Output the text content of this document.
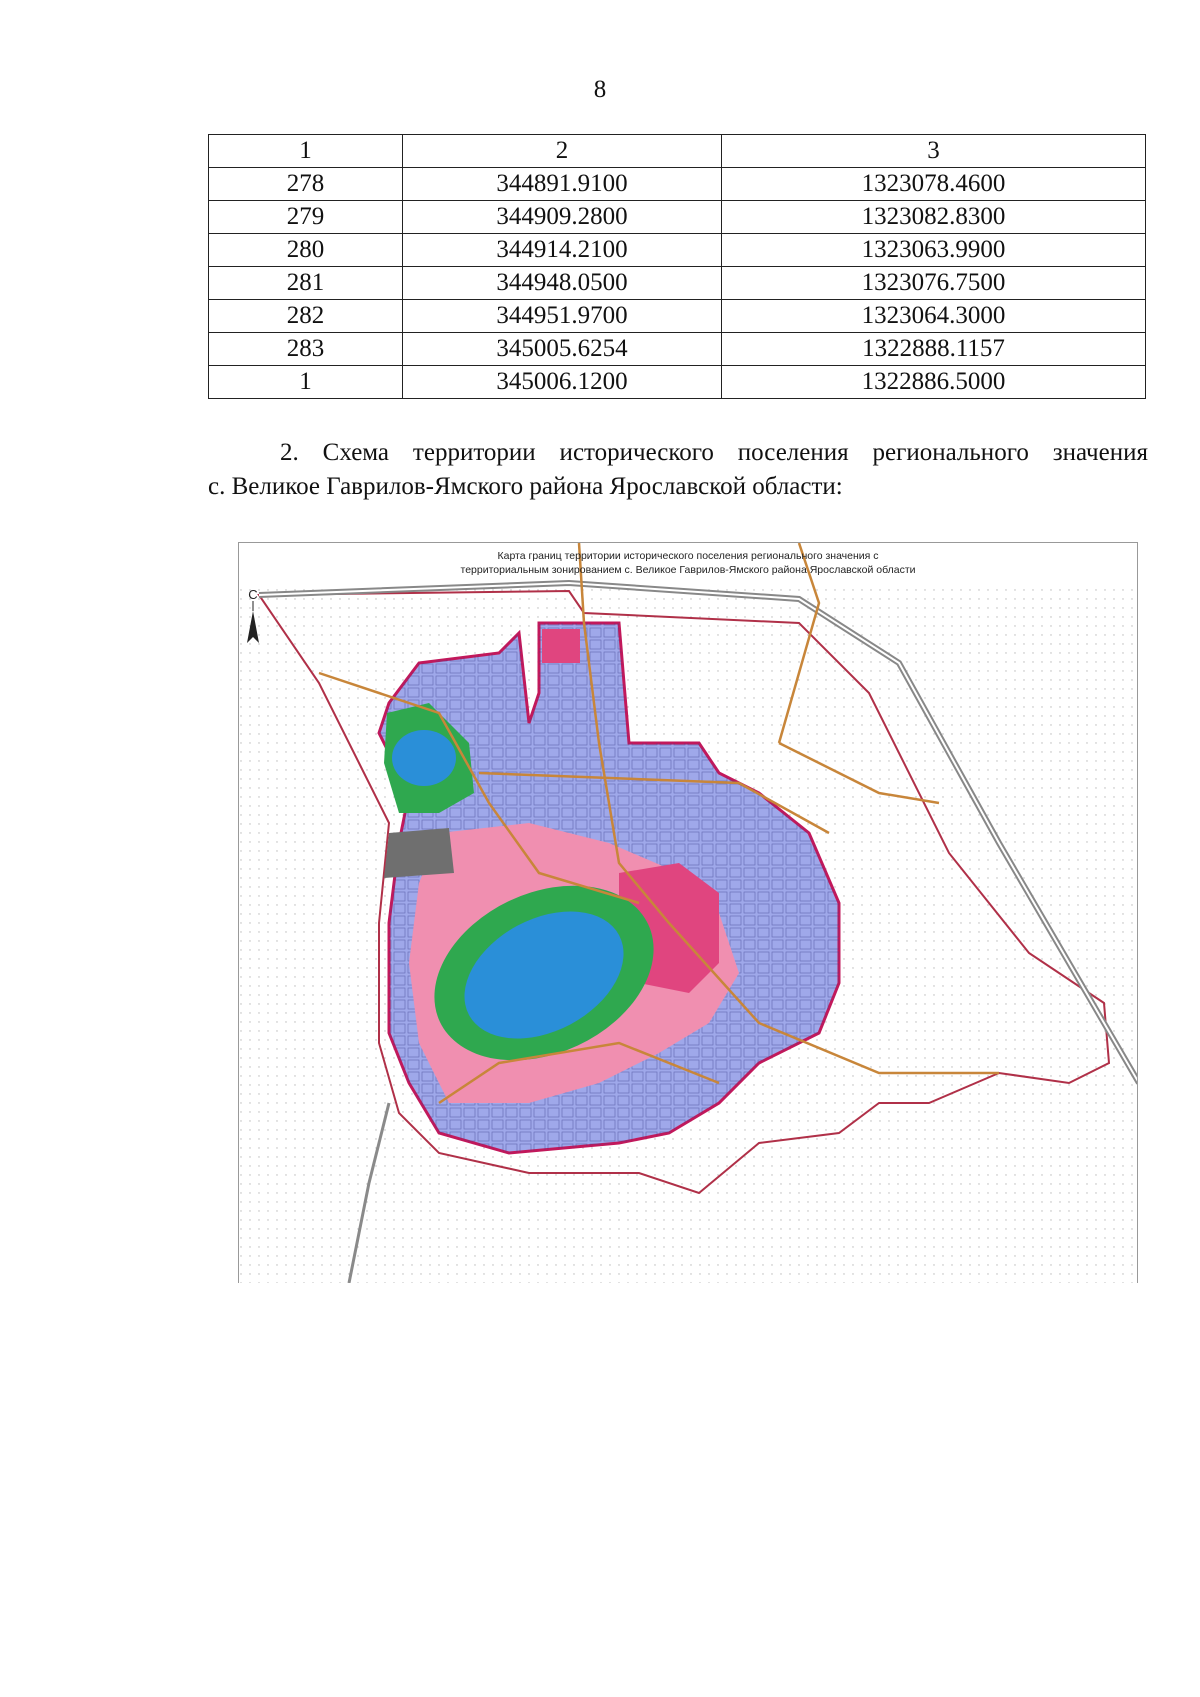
8
1	2	3
278	344891.9100	1323078.4600
279	344909.2800	1323082.8300
280	344914.2100	1323063.9900
281	344948.0500	1323076.7500
282	344951.9700	1323064.3000
283	345005.6254	1322888.1157
1	345006.1200	1322886.5000
2. Схема территории исторического поселения регионального значения
с. Великое Гаврилов-Ямского района Ярославской области:
С
Карта границ территории исторического поселения регионального значения с
территориальным зонированием с. Великое Гаврилов-Ямского района Ярославской области
